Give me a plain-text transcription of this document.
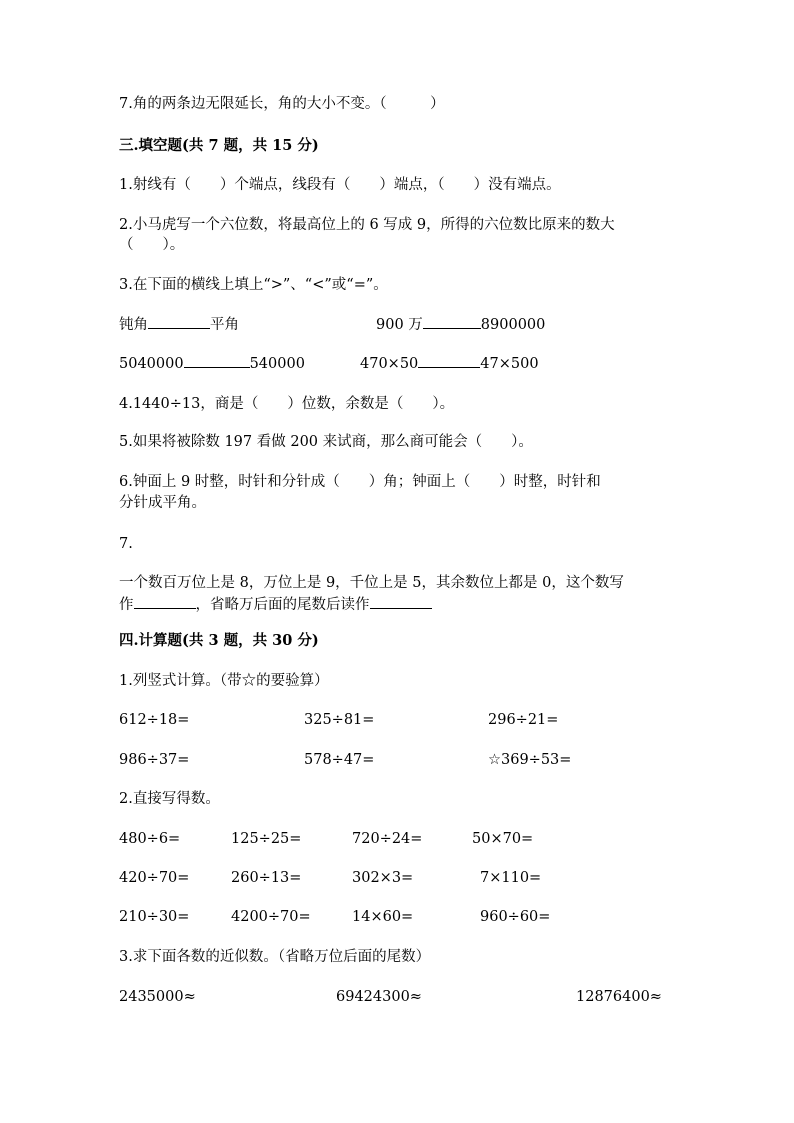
7.角的两条边无限延长，角的大小不变。（　　　）
三.填空题(共 7 题，共 15 分)
1.射线有（　　）个端点，线段有（　　）端点，（　　）没有端点。
2.小马虎写一个六位数，将最高位上的 6 写成 9，所得的六位数比原来的数大
（　　）。
3.在下面的横线上填上“>”、“<”或“=”。
钝角	平角	900 万	8900000
5040000	540000	470×50	47×500
4.1440÷13，商是（　　）位数，余数是（　　）。
5.如果将被除数 197 看做 200 来试商，那么商可能会（　　）。
6.钟面上 9 时整，时针和分针成（　　）角；钟面上（　　）时整，时针和
分针成平角。
7.
一个数百万位上是 8，万位上是 9，千位上是 5，其余数位上都是 0，这个数写
作	，省略万后面的尾数后读作
四.计算题(共 3 题，共 30 分)
1.列竖式计算。（带☆的要验算）
612÷18=	325÷81=	296÷21=
986÷37=	578÷47=	☆369÷53=
2.直接写得数。
480÷6=	125÷25=	720÷24=	50×70=
420÷70=	260÷13=	302×3=	7×110=
210÷30=	4200÷70=	14×60=	960÷60=
3.求下面各数的近似数。（省略万位后面的尾数）
2435000≈	69424300≈	12876400≈
